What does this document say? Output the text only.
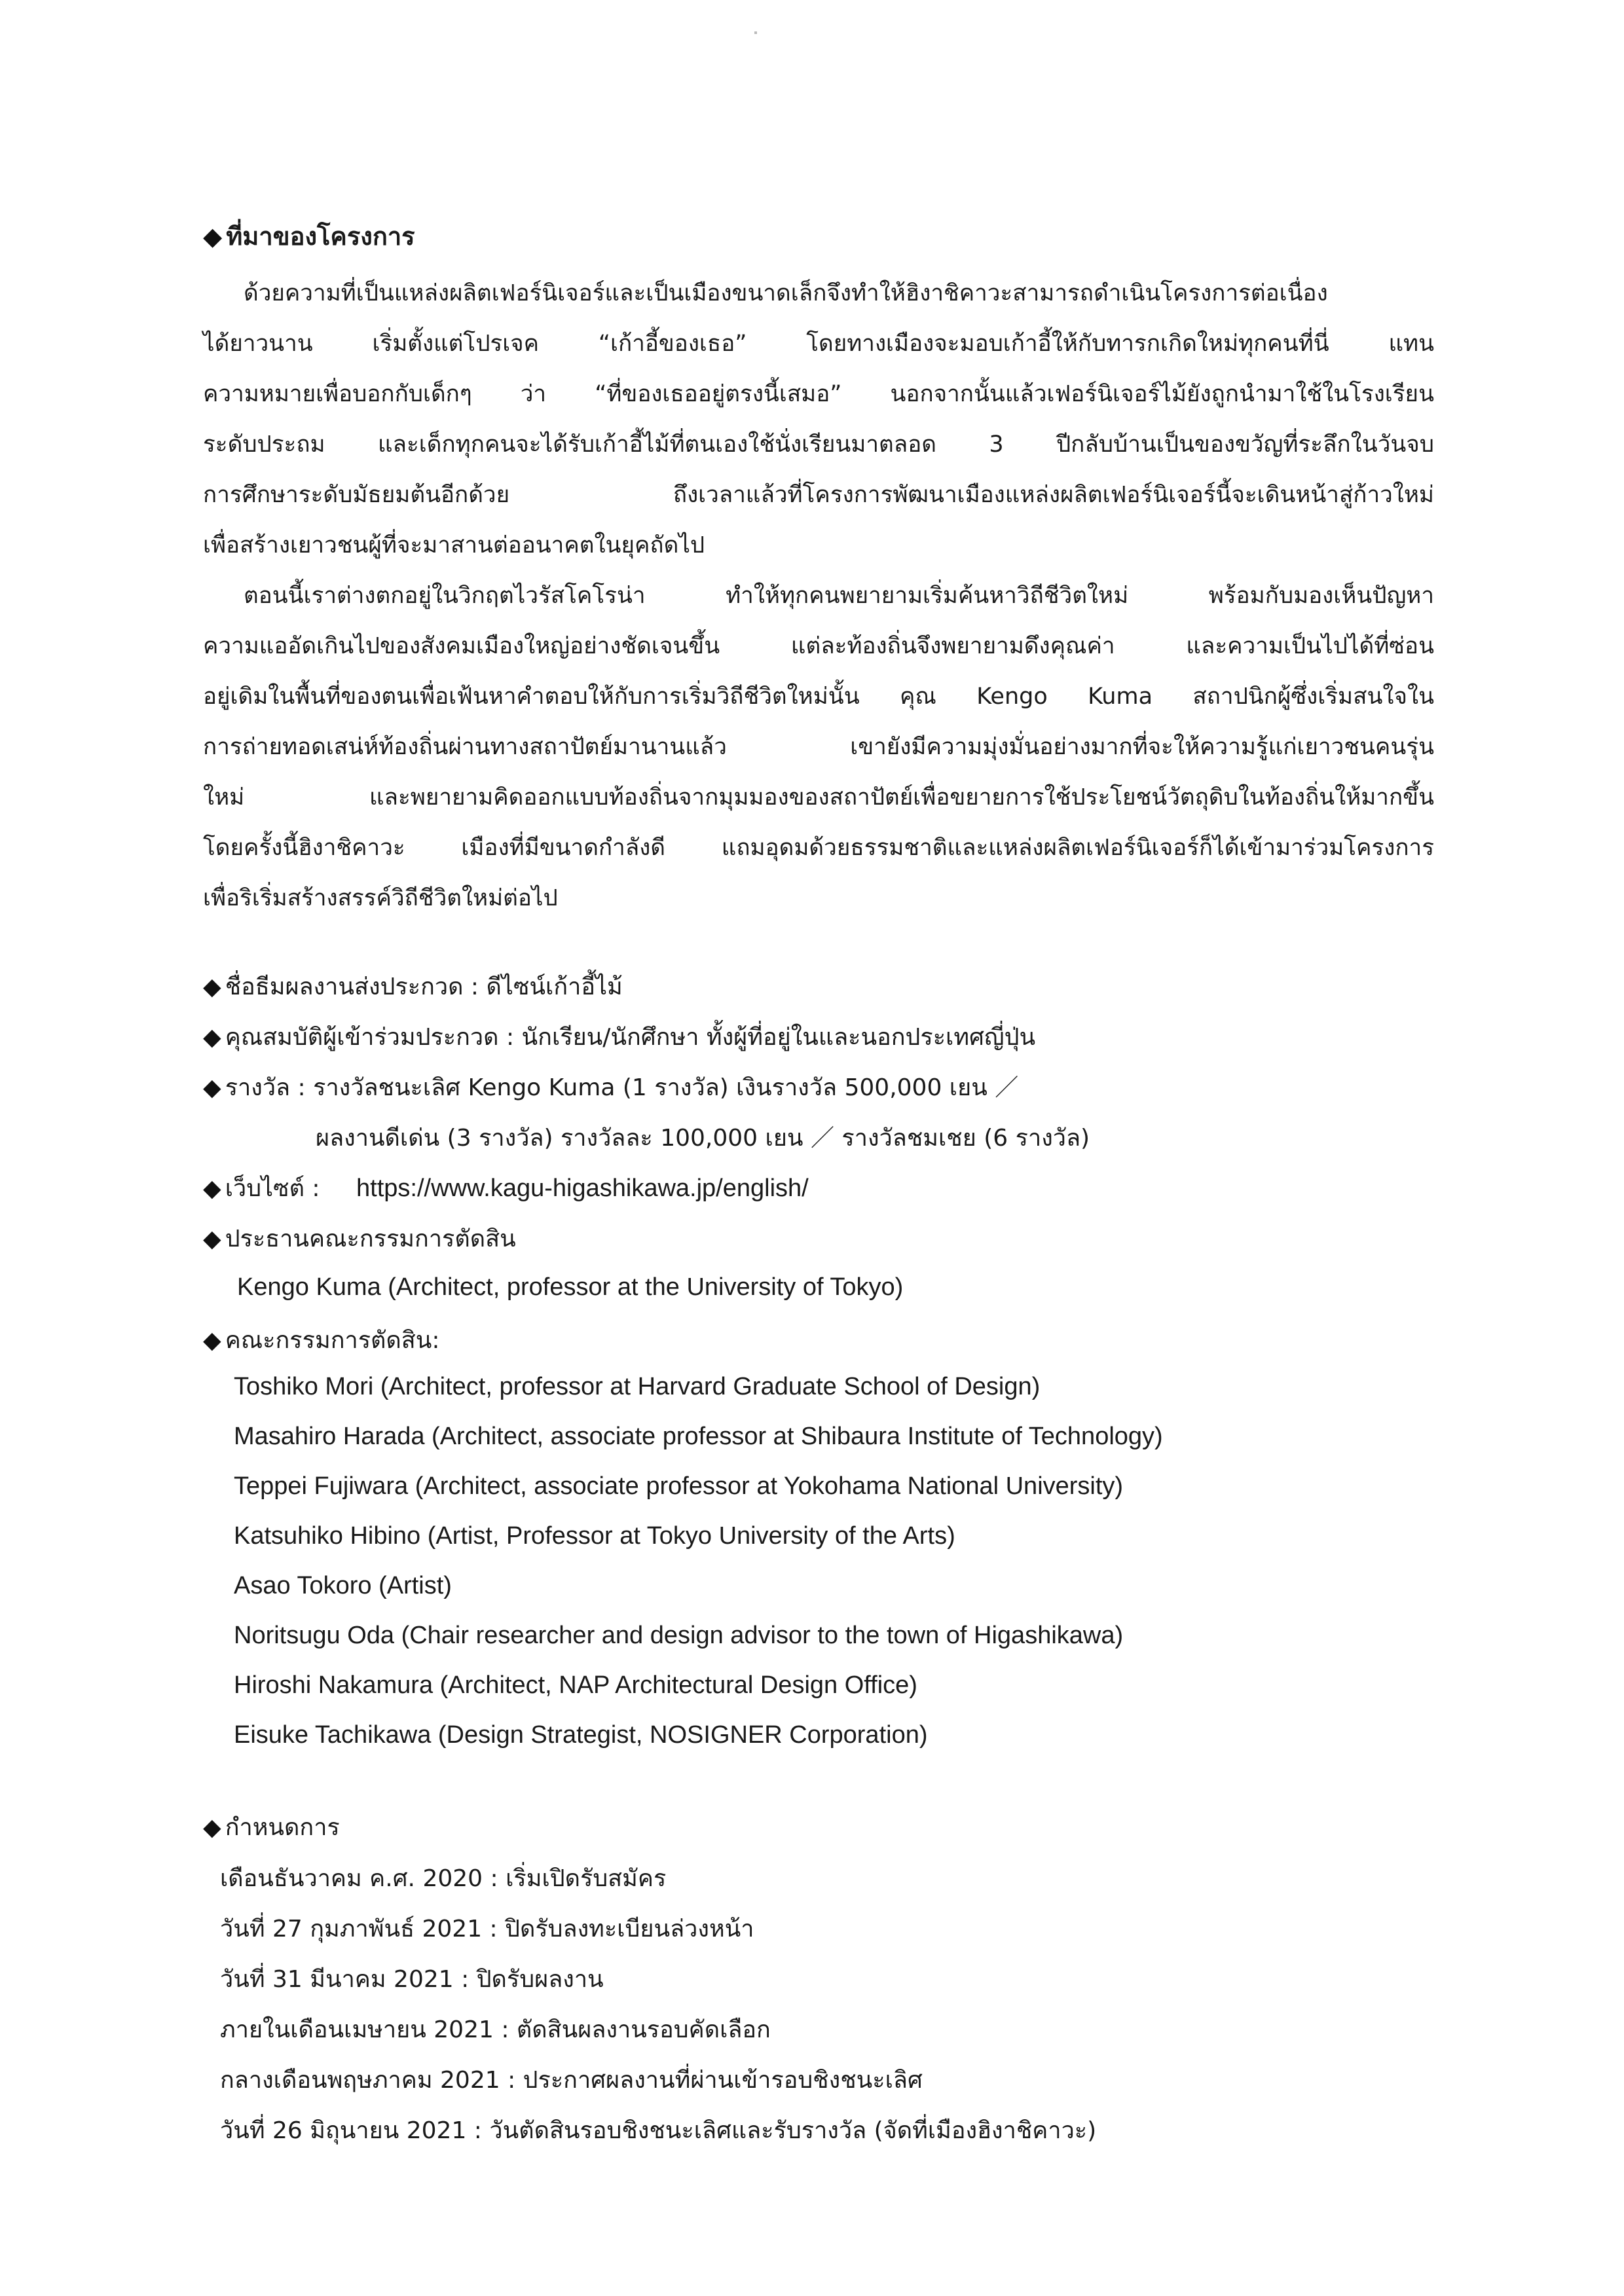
◆ ที่มาของโครงการ
ด้วยความที่เป็นแหล่งผลิตเฟอร์นิเจอร์และเป็นเมืองขนาดเล็กจึงทำให้ฮิงาชิคาวะสามารถดำเนินโครงการต่อเนื่อง
ได้ยาวนาน เริ่มตั้งแต่โปรเจค “เก้าอี้ของเธอ” โดยทางเมืองจะมอบเก้าอี้ให้กับทารกเกิดใหม่ทุกคนที่นี่ แทน
ความหมายเพื่อบอกกับเด็กๆ ว่า “ที่ของเธออยู่ตรงนี้เสมอ” นอกจากนั้นแล้วเฟอร์นิเจอร์ไม้ยังถูกนำมาใช้ในโรงเรียน
ระดับประถม และเด็กทุกคนจะได้รับเก้าอี้ไม้ที่ตนเองใช้นั่งเรียนมาตลอด 3 ปีกลับบ้านเป็นของขวัญที่ระลึกในวันจบ
การศึกษาระดับมัธยมต้นอีกด้วย ถึงเวลาแล้วที่โครงการพัฒนาเมืองแหล่งผลิตเฟอร์นิเจอร์นี้จะเดินหน้าสู่ก้าวใหม่
เพื่อสร้างเยาวชนผู้ที่จะมาสานต่ออนาคตในยุคถัดไป
ตอนนี้เราต่างตกอยู่ในวิกฤตไวรัสโคโรน่า ทำให้ทุกคนพยายามเริ่มค้นหาวิถีชีวิตใหม่ พร้อมกับมองเห็นปัญหา
ความแออัดเกินไปของสังคมเมืองใหญ่อย่างชัดเจนขึ้น แต่ละท้องถิ่นจึงพยายามดึงคุณค่า และความเป็นไปได้ที่ซ่อน
อยู่เดิมในพื้นที่ของตนเพื่อเฟ้นหาคำตอบให้กับการเริ่มวิถีชีวิตใหม่นั้น คุณ Kengo Kuma สถาปนิกผู้ซึ่งเริ่มสนใจใน
การถ่ายทอดเสน่ห์ท้องถิ่นผ่านทางสถาปัตย์มานานแล้ว เขายังมีความมุ่งมั่นอย่างมากที่จะให้ความรู้แก่เยาวชนคนรุ่น
ใหม่ และพยายามคิดออกแบบท้องถิ่นจากมุมมองของสถาปัตย์เพื่อขยายการใช้ประโยชน์วัตถุดิบในท้องถิ่นให้มากขึ้น
โดยครั้งนี้ฮิงาชิคาวะ เมืองที่มีขนาดกำลังดี แถมอุดมด้วยธรรมชาติและแหล่งผลิตเฟอร์นิเจอร์ก็ได้เข้ามาร่วมโครงการ
เพื่อริเริ่มสร้างสรรค์วิถีชีวิตใหม่ต่อไป
◆ ชื่อธีมผลงานส่งประกวด : ดีไซน์เก้าอี้ไม้
◆ คุณสมบัติผู้เข้าร่วมประกวด : นักเรียน/นักศึกษา ทั้งผู้ที่อยู่ในและนอกประเทศญี่ปุ่น
◆ รางวัล : รางวัลชนะเลิศ Kengo Kuma (1 รางวัล) เงินรางวัล 500,000 เยน ／
ผลงานดีเด่น (3 รางวัล) รางวัลละ 100,000 เยน ／ รางวัลชมเชย (6 รางวัล)
◆ เว็บไซต์ : https://www.kagu-higashikawa.jp/english/
◆ ประธานคณะกรรมการตัดสิน
Kengo Kuma (Architect, professor at the University of Tokyo)
◆ คณะกรรมการตัดสิน:
Toshiko Mori (Architect, professor at Harvard Graduate School of Design)
Masahiro Harada (Architect, associate professor at Shibaura Institute of Technology)
Teppei Fujiwara (Architect, associate professor at Yokohama National University)
Katsuhiko Hibino (Artist, Professor at Tokyo University of the Arts)
Asao Tokoro (Artist)
Noritsugu Oda (Chair researcher and design advisor to the town of Higashikawa)
Hiroshi Nakamura (Architect, NAP Architectural Design Office)
Eisuke Tachikawa (Design Strategist, NOSIGNER Corporation)
◆ กำหนดการ
เดือนธันวาคม ค.ศ. 2020 : เริ่มเปิดรับสมัคร
วันที่ 27 กุมภาพันธ์ 2021 : ปิดรับลงทะเบียนล่วงหน้า
วันที่ 31 มีนาคม 2021 : ปิดรับผลงาน
ภายในเดือนเมษายน 2021 : ตัดสินผลงานรอบคัดเลือก
กลางเดือนพฤษภาคม 2021 : ประกาศผลงานที่ผ่านเข้ารอบชิงชนะเลิศ
วันที่ 26 มิถุนายน 2021 : วันตัดสินรอบชิงชนะเลิศและรับรางวัล (จัดที่เมืองฮิงาชิคาวะ)
